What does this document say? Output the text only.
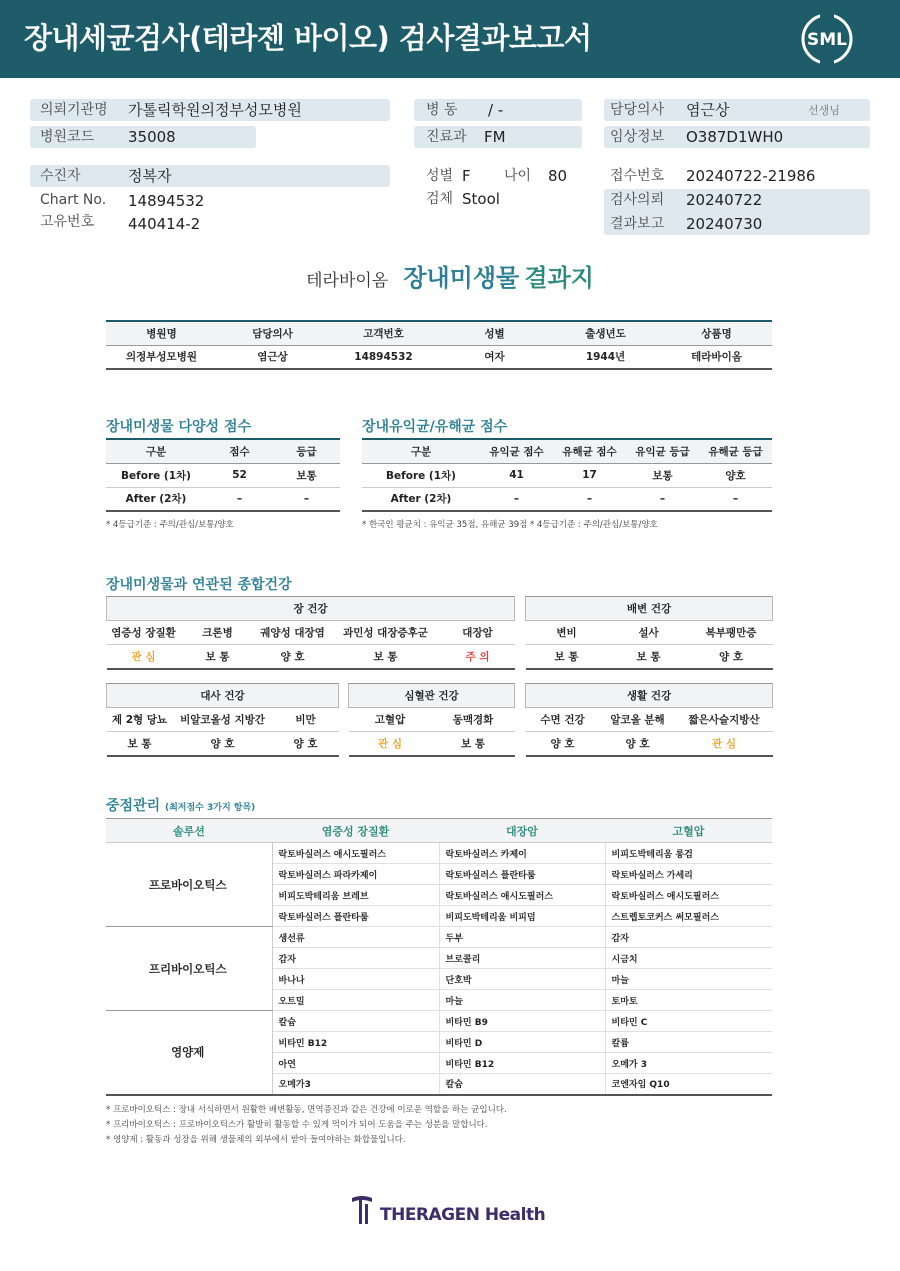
장내세균검사(테라젠 바이오) 검사결과보고서	SML
의뢰기관명 가톨릭학원의정부성모병원
병원코드 35008
병 동 / -
진료과 FM
담당의사 염근상	선생님
임상정보 O387D1WH0
수진자	정복자
Chart No. 14894532
고유번호 440414-2
성별 F 나이 80
검체 Stool
접수번호 20240722-21986
검사의뢰 20240722
결과보고 20240730
테라바이옴 장내미생물 결과지
병원명	담당의사	고객번호	성별	출생년도	상품명
의정부성모병원	염근상	14894532	여자	1944년	테라바이옴
장내미생물 다양성 점수
구분	점수	등급
Before (1차)	52	보통
After (2차)	–	–
* 4등급기준 : 주의/관심/보통/양호
장내유익균/유해균 점수
구분	유익균 점수	유해균 점수	유익균 등급	유해균 등급
Before (1차)	41	17	보통	양호
After (2차)	–	–	–	–
* 한국인 평균치 : 유익균 35점, 유해균 39점 * 4등급기준 : 주의/관심/보통/양호
장내미생물과 연관된 종합건강
장 건강				
염증성 장질환	크론병	궤양성 대장염	과민성 대장증후군	대장암
관 심	보 통	양 호	보 통	주 의
배변 건강		
변비	설사	복부팽만증
보 통	보 통	양 호
대사 건강		
제 2형 당뇨	비알코올성 지방간	비만
보 통	양 호	양 호
심혈관 건강	
고혈압	동맥경화
관 심	보 통
생활 건강		
수면 건강	알코올 분해	짧은사슬지방산
양 호	양 호	관 심
중점관리 (최저점수 3가지 항목)
솔루션	염증성 장질환	대장암	고혈압
프로바이오틱스	락토바실러스 애시도필러스	락토바실러스 카제이	비피도박테리움 롱검
	락토바실러스 파라카제이	락토바실러스 플란타룸	락토바실러스 가세리
	비피도박테리움 브레브	락토바실러스 애시도필러스	락토바실러스 애시도필러스
	락토바실러스 플란타룸	비피도박테리움 비피덤	스트렙토코커스 써모필러스
프리바이오틱스	생선류	두부	감자
	감자	브로콜리	시금치
	바나나	단호박	마늘
	오트밀	마늘	토마토
영양제	칼슘	비타민 B9	비타민 C
	비타민 B12	비타민 D	칼륨
	아연	비타민 B12	오메가 3
	오메가3	칼슘	코엔자임 Q10
* 프로바이오틱스 : 장내 서식하면서 원활한 배변활동, 면역증진과 같은 건강에 이로운 역할을 하는 균입니다.
* 프리바이오틱스 : 프로바이오틱스가 활발히 활동할 수 있게 먹이가 되어 도움을 주는 성분을 말합니다.
* 영양제 : 활동과 성장을 위해 생물체의 외부에서 받아 들여야하는 화합물입니다.
THERAGEN Health
